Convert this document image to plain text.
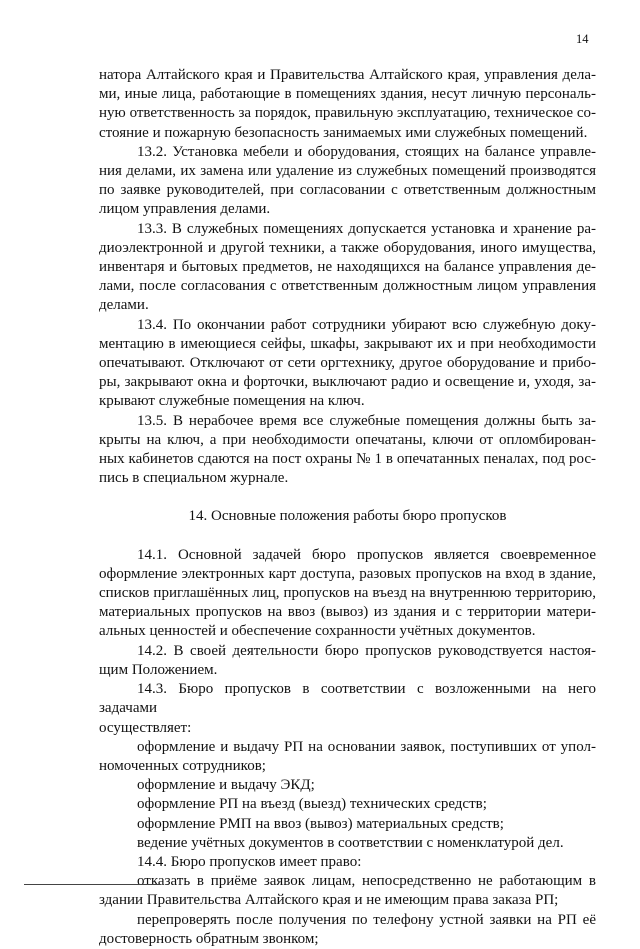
14

натора Алтайского края и Правительства Алтайского края, управления дела-

ми, иные лица, работающие в помещениях здания, несут личную персональ-

ную ответственность за порядок, правильную эксплуатацию, техническое со-

стояние и пожарную безопасность занимаемых ими служебных помещений.

13.2. Установка мебели и оборудования, стоящих на балансе управле-

ния делами, их замена или удаление из служебных помещений производятся

по заявке руководителей, при согласовании с ответственным должностным

лицом управления делами.

13.3. В служебных помещениях допускается установка и хранение ра-

диоэлектронной и другой техники, а также оборудования, иного имущества,

инвентаря и бытовых предметов, не находящихся на балансе управления де-

лами, после согласования с ответственным должностным лицом управления

делами.

13.4. По окончании работ сотрудники убирают всю служебную доку-

ментацию в имеющиеся сейфы, шкафы, закрывают их и при необходимости

опечатывают. Отключают от сети оргтехнику, другое оборудование и прибо-

ры, закрывают окна и форточки, выключают радио и освещение и, уходя, за-

крывают служебные помещения на ключ.

13.5. В нерабочее время все служебные помещения должны быть за-

крыты на ключ, а при необходимости опечатаны, ключи от опломбирован-

ных кабинетов сдаются на пост охраны № 1 в опечатанных пеналах, под рос-

пись в специальном журнале.

14. Основные положения работы бюро пропусков

14.1. Основной задачей бюро пропусков является своевременное

оформление электронных карт доступа, разовых пропусков на вход в здание,

списков приглашённых лиц, пропусков на въезд на внутреннюю территорию,

материальных пропусков на ввоз (вывоз) из здания и с территории матери-

альных ценностей и обеспечение сохранности учётных документов.

14.2. В своей деятельности бюро пропусков руководствуется настоя-

щим Положением.

14.3. Бюро пропусков в соответствии с возложенными на него задачами

осуществляет:

оформление и выдачу РП на основании заявок, поступивших от упол-

номоченных сотрудников;

оформление и выдачу ЭКД;

оформление РП на въезд (выезд) технических средств;

оформление РМП на ввоз (вывоз) материальных средств;

ведение учётных документов в соответствии с номенклатурой дел.

14.4. Бюро пропусков имеет право:

отказать в приёме заявок лицам, непосредственно не работающим в

здании Правительства Алтайского края и не имеющим права заказа РП;

перепроверять после получения по телефону устной заявки на РП её

достоверность обратным звонком;
